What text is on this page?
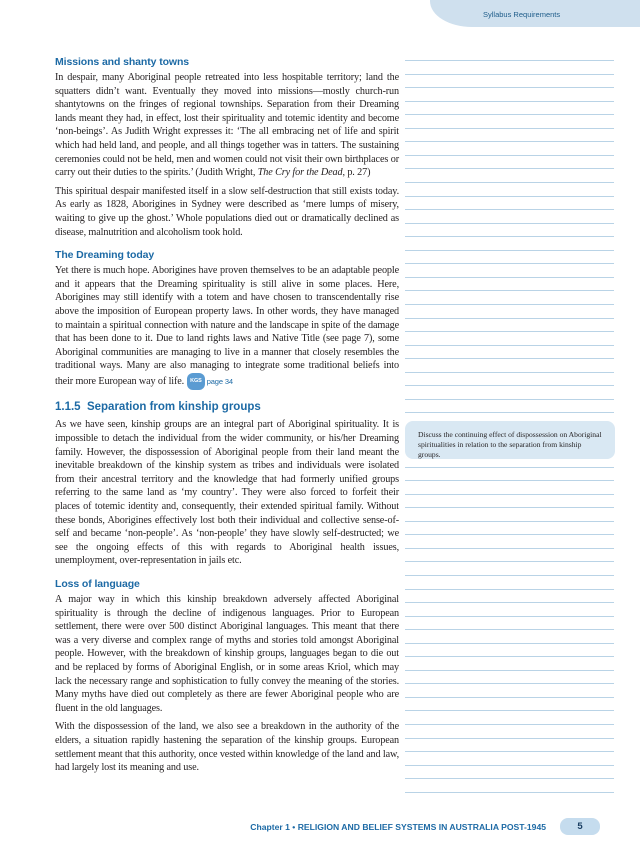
Syllabus Requirements
Missions and shanty towns

In despair, many Aboriginal people retreated into less hospitable territory; land the squatters didn’t want. Eventually they moved into missions—mostly church-run shantytowns on the fringes of regional townships. Separation from their Dreaming lands meant they had, in effect, lost their spirituality and totemic identity and become ‘non-beings’. As Judith Wright expresses it: ‘The all embracing net of life and spirit which had held land, and people, and all things together was in tatters. The sustaining ceremonies could not be held, men and women could not visit their own birthplaces or carry out their duties to the spirits.’ (Judith Wright, The Cry for the Dead, p. 27)

This spiritual despair manifested itself in a slow self-destruction that still exists today. As early as 1828, Aborigines in Sydney were described as ‘mere lumps of misery, waiting to give up the ghost.’ Whole populations died out or dramatically declined as disease, malnutrition and alcoholism took hold.

The Dreaming today

Yet there is much hope. Aborigines have proven themselves to be an adaptable people and it appears that the Dreaming spirituality is still alive in some places. Here, Aborigines may still identify with a totem and have chosen to transcendentally rise above the imposition of European property laws. In other words, they have managed to maintain a spiritual connection with nature and the landscape in spite of the damage that has been done to it. Due to land rights laws and Native Title (see page 7), some Aboriginal communities are managing to live in a manner that closely resembles the traditional ways. Many are also managing to integrate some traditional beliefs into their more European way of life. KGS page 34

1.1.5 Separation from kinship groups

As we have seen, kinship groups are an integral part of Aboriginal spirituality. It is impossible to detach the individual from the wider community, or his/her Dreaming family. However, the dispossession of Aboriginal people from their land meant the inevitable breakdown of the kinship system as tribes and individuals were isolated from their ancestral territory and the knowledge that had formerly unified groups referring to the same land as ‘my country’. They were also forced to forfeit their places of totemic identity and, consequently, their extended spiritual family. Without these bonds, Aborigines effectively lost both their individual and collective sense-of-self and became ‘non-people’. As ‘non-people’ they have slowly self-destructed; we see the ongoing effects of this with regards to Aboriginal health issues, unemployment, over-representation in jails etc.

Loss of language

A major way in which this kinship breakdown adversely affected Aboriginal spirituality is through the decline of indigenous languages. Prior to European settlement, there were over 500 distinct Aboriginal languages. This meant that there was a very diverse and complex range of myths and stories told amongst Aboriginal people. However, with the breakdown of kinship groups, languages began to die out and be replaced by forms of Aboriginal English, or in some areas Kriol, which may lack the necessary range and sophistication to fully convey the meaning of the stories. Many myths have died out completely as there are fewer Aboriginal people who are fluent in the old languages.

With the dispossession of the land, we also see a breakdown in the authority of the elders, a situation rapidly hastening the separation of the kinship groups. European settlement meant that this authority, once vested within knowledge of the land and law, had largely lost its meaning and use.

Discuss the continuing effect of dispossession on Aboriginal spiritualities in relation to the separation from kinship groups.
Chapter 1 • RELIGION AND BELIEF SYSTEMS IN AUSTRALIA POST-1945	5
